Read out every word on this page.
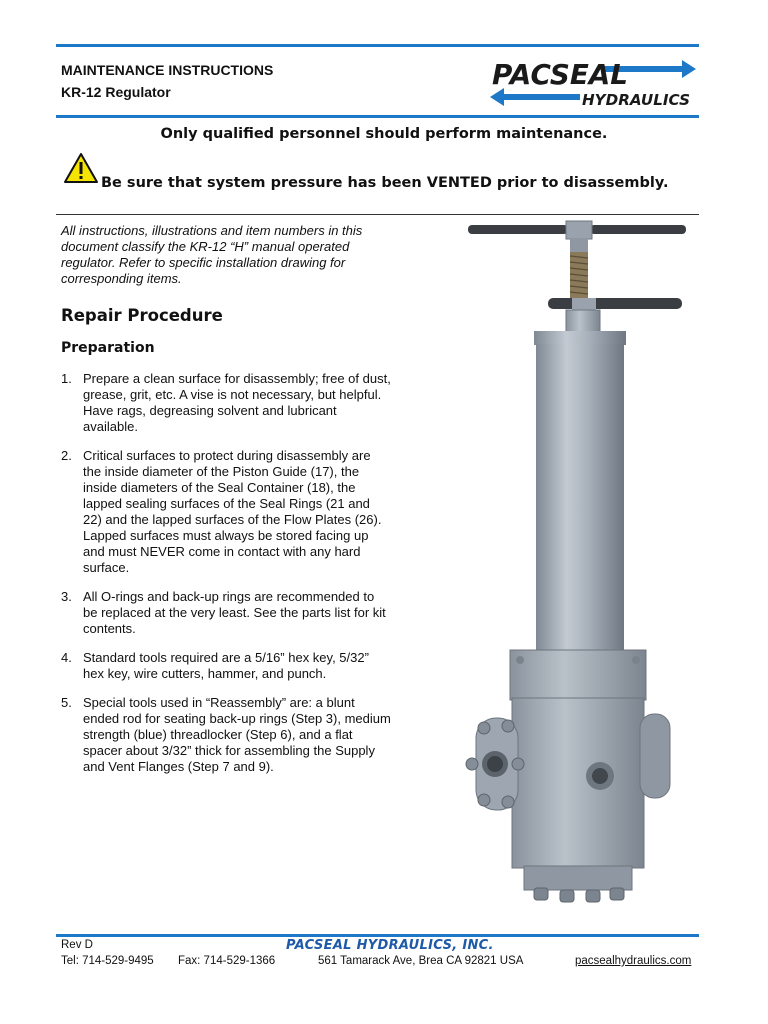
MAINTENANCE INSTRUCTIONS
KR-12 Regulator
PACSEAL
HYDRAULICS
Only qualified personnel should perform maintenance.
Be sure that system pressure has been VENTED prior to disassembly.
All instructions, illustrations and item numbers in this document classify the KR-12 “H” manual operated regulator. Refer to specific installation drawing for corresponding items.
Repair Procedure
Preparation
1. Prepare a clean surface for disassembly; free of dust, grease, grit, etc. A vise is not necessary, but helpful. Have rags, degreasing solvent and lubricant available.
2. Critical surfaces to protect during disassembly are the inside diameter of the Piston Guide (17), the inside diameters of the Seal Container (18), the lapped sealing surfaces of the Seal Rings (21 and 22) and the lapped surfaces of the Flow Plates (26). Lapped surfaces must always be stored facing up and must NEVER come in contact with any hard surface.
3. All O-rings and back-up rings are recommended to be replaced at the very least. See the parts list for kit contents.
4. Standard tools required are a 5/16” hex key, 5/32” hex key, wire cutters, hammer, and punch.
5. Special tools used in “Reassembly” are: a blunt ended rod for seating back-up rings (Step 3), medium strength (blue) threadlocker (Step 6), and a flat spacer about 3/32” thick for assembling the Supply and Vent Flanges (Step 7 and 9).
Rev D	PACSEAL HYDRAULICS, INC.
Tel: 714-529-9495 Fax: 714-529-1366	561 Tamarack Ave, Brea CA 92821 USA	pacsealhydraulics.com
